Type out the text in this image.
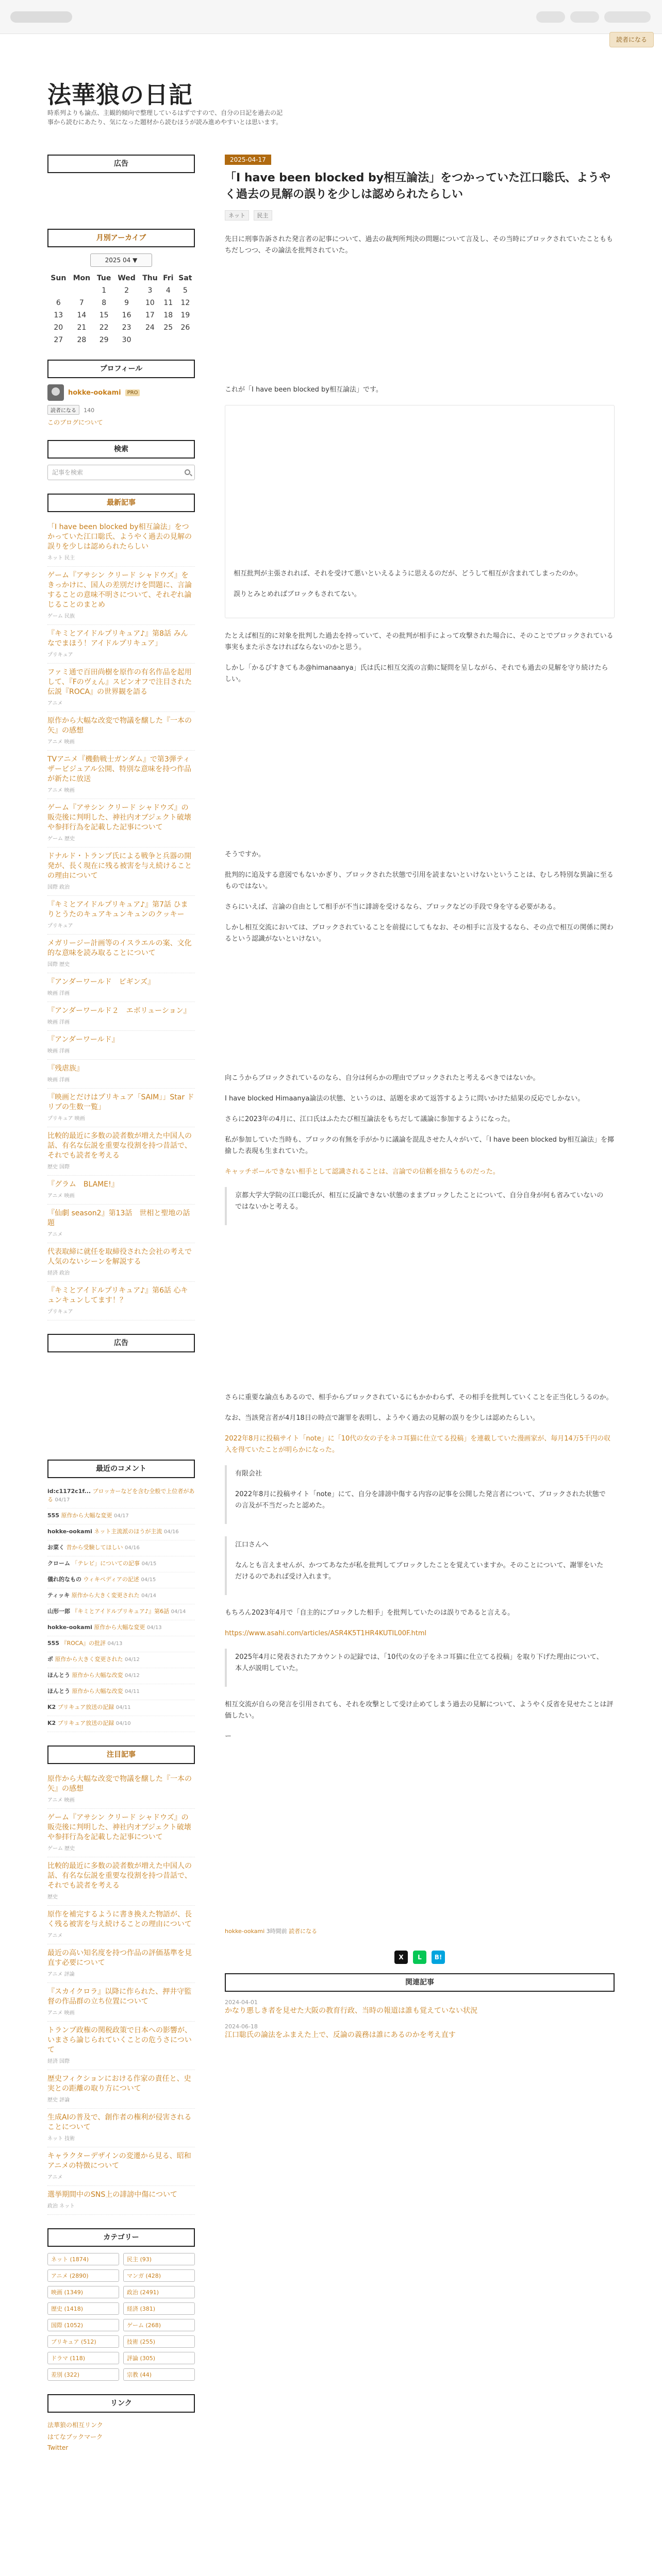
読者になる
法華狼の日記
時系列よりも論点、主観的傾向で整理しているはずですので、自分の日記を過去の記事から読むにあたり、気になった題材から読むほうが読み進めやすいとは思います。
広告
月別アーカイブ
2025 04 ▼
Sun	Mon	Tue	Wed	Thu	Fri	Sat
		1	2	3	4	5
6	7	8	9	10	11	12
13	14	15	16	17	18	19
20	21	22	23	24	25	26
27	28	29	30			
プロフィール
hokke-ookami	PRO
読者になる 140
このブログについて
検索
記事を検索
最新記事
「I have been blocked by相互論法」をつかっていた江口聡氏、ようやく過去の見解の誤りを少しは認められたらしい
ネット 民主
ゲーム『アサシン クリード シャドウズ』をきっかけに、国人の差別だけを問題に、言論することの意味不明さについて、それぞれ論じることのまとめ
ゲーム 民族
『キミとアイドルプリキュア♪』第8話 みんなでまほう！アイドルプリキュア」
プリキュア
ファミ通で百田尚樹を原作の有名作品を起用して、『Fのヴぇん』スピンオフで注目された伝説『ROCA』の世界観を語る
アニメ
原作から大幅な改変で物議を醸した『一本の矢』の感想
アニメ 映画
TVアニメ『機動戦士ガンダム』で第3弾ティザービジュアル公開、特別な意味を持つ作品が新たに放送
アニメ 映画
ゲーム『アサシン クリード シャドウズ』の販売後に判明した、神社内オブジェクト破壊や参拝行為を記載した記事について
ゲーム 歴史
ドナルド・トランプ氏による戦争と兵器の開発が、長く現在に残る被害を与え続けることの理由について
国際 政治
『キミとアイドルプリキュア♪』第7話 ひまりとうたのキュアキュンキュンのクッキー
プリキュア
メガリージー計画等のイスラエルの案、文化的な意味を読み取ることについて
国際 歴史
『アンダーワールド　ビギンズ』
映画 洋画
『アンダーワールド２　エボリューション』
映画 洋画
『アンダーワールド』
映画 洋画
『残虐族』
映画 洋画
『映画とだけはプリキュア「SAIM」」Star ドリプの生数一覧」
プリキュア 映画
比較的最近に多数の読者数が増えた中国人の話、有名な伝説を重要な役割を持つ昔話で、それでも読者を考える
歴史 国際
『グラム　BLAME!』
アニメ 映画
『仙劇 season2』第13話　世相と聖地の話題
アニメ
代表取締に就任を取締役された会社の考えで人気のないシーンを解説する
経済 政治
『キミとアイドルプリキュア♪』第6話 心キュンキュンしてます！？
プリキュア
広告
最近のコメント
id:c1172c1f... ブロッカーなどを含む全般で上位者がある 04/17
555 原作から大幅な変更 04/17
hokke-ookami ネット主流派のほうが主流 04/16
お菜く 昔から受験してほしい 04/16
クローム 「テレビ」についての記事 04/15
儀れ的なもの ウィキペディアの記述 04/15
ティッキ 原作から大きく変更された 04/14
山形一郎 『キミとアイドルプリキュア♪』第6話 04/14
hokke-ookami 原作から大幅な変更 04/13
555 『ROCA』の批評 04/13
ポ 原作から大きく変更された 04/12
ほんとう 原作から大幅な改変 04/12
ほんとう 原作から大幅な改変 04/11
K2 プリキュア放送の記録 04/11
K2 プリキュア放送の記録 04/10
注目記事
原作から大幅な改変で物議を醸した『一本の矢』の感想
アニメ 映画
ゲーム『アサシン クリード シャドウズ』の販売後に判明した、神社内オブジェクト破壊や参拝行為を記載した記事について
ゲーム 歴史
比較的最近に多数の読者数が増えた中国人の話、有名な伝説を重要な役割を持つ昔話で、それでも読者を考える
歴史
原作を補完するように書き換えた物語が、長く残る被害を与え続けることの理由について
アニメ
最近の高い知名度を持つ作品の評価基準を見直す必要について
アニメ 評論
『スカイクロラ』以降に作られた、押井守監督の作品群の立ち位置について
アニメ 映画
トランプ政権の関税政策で日本への影響が、いまさら論じられていくことの危うさについて
経済 国際
歴史フィクションにおける作家の責任と、史実との距離の取り方について
歴史 評論
生成AIの普及で、創作者の権利が侵害されることについて
ネット 技術
キャラクターデザインの変遷から見る、昭和アニメの特徴について
アニメ
選挙期間中のSNS上の誹謗中傷について
政治 ネット
カテゴリー
ネット (1874)	民主 (93)
アニメ (2890)	マンガ (428)
映画 (1349)	政治 (2491)
歴史 (1418)	経済 (381)
国際 (1052)	ゲーム (268)
プリキュア (512)	技術 (255)
ドラマ (118)	評論 (305)
差別 (322)	宗教 (44)
リンク
法華狼の相互リンク
はてなブックマーク
Twitter
2025-04-17
「I have been blocked by相互論法」をつかっていた江口聡氏、ようやく過去の見解の誤りを少しは認められたらしい
ネット 民主

先日に刑事告訴された発言者の記事について、過去の裁判所判決の問題について言及し、その当時にブロックされていたことももちだしつつ、その論法を批判されていた。

これが「I have been blocked by相互論法」です。

相互批判が主張されれば、それを受けて悪いといえるように思えるのだが、どうして相互が含まれてしまったのか。

誤りとみとめればブロックもされてない。

たとえば相互的に対象を批判した過去を持っていて、その批判が相手によって攻撃された場合に、そのことでブロックされている事実もまた示さなければならないのかと思う。

しかし「かるびすきてもあ@himanaanya」氏は氏に相互交流の言動に疑問を呈しながら、それでも過去の見解を守り続けたらしい。

そうですか。

批判的に追及する意図でもないかぎり、ブロックされた状態で引用を読まないといけないということは、むしろ特別な異論に至るものではない。

さらにいえば、言論の自由として相手が不当に誹謗を受けるなら、ブロックなどの手段で身を守る必要がある。

しかし相互交流においては、ブロックされていることを前提にしてもなお、その相手に言及するなら、その点で相互の関係に関わるという認識がないといけない。

向こうからブロックされているのなら、自分は何らかの理由でブロックされたと考えるべきではないか。

I have blocked Himaanya論法の状態、というのは、話題を求めて返答するように問いかけた結果の反応でしかない。

さらに2023年の4月に、江口氏はふたたび相互論法をもちだして議論に参加するようになった。

私が参加していた当時も、ブロックの有無を手がかりに議論を混乱させた人々がいて、「I have been blocked by相互論法」を揶揄した表現も生まれていた。

キャッチボールできない相手として認識されることは、言論での信頼を損なうものだった。

京都大学大学院の江口聡氏が、相互に反論できない状態のままブロックしたことについて、自分自身が何も省みていないのではないかと考える。

さらに重要な論点もあるので、相手からブロックされているにもかかわらず、その相手を批判していくことを正当化しうるのか。

なお、当該発言者が4月18日の時点で謝罪を表明し、ようやく過去の見解の誤りを少しは認めたらしい。

2022年8月に投稿サイト「note」に「10代の女の子をネコ耳猫に仕立てる投稿」を連載していた漫画家が、毎月14万5千円の収入を得ていたことが明らかになった。

有限会社

2022年8月に投稿サイト「note」にて、自分を誹謗中傷する内容の記事を公開した発言者について、ブロックされた状態での言及が不当だったと認めた。

江口さんへ

なんとも言えませんが、かつてあなたが私を批判してブロックしたことを覚えていますか。そのことについて、謝罪をいただけるのであれば受け入れます。

もちろん2023年4月で「自主的にブロックした相手」を批判していたのは誤りであると言える。

https://www.asahi.com/articles/ASR4K5T1HR4KUTIL00F.html

2025年4月に発表されたアカウントの記録では、「10代の女の子をネコ耳猫に仕立てる投稿」を取り下げた理由について、本人が説明していた。

相互交流が自らの発言を引用されても、それを攻撃として受け止めてしまう過去の見解について、ようやく反省を見せたことは評価したい。

ー

hokke-ookami 3時間前 読者になる
X	L	B!
関連記事
2024-04-01
かなり悪しき者を見せた大阪の教育行政、当時の報道は誰も覚えていない状況
2024-06-18
江口聡氏の論法をふまえた上で、反論の義務は誰にあるのかを考え直す
